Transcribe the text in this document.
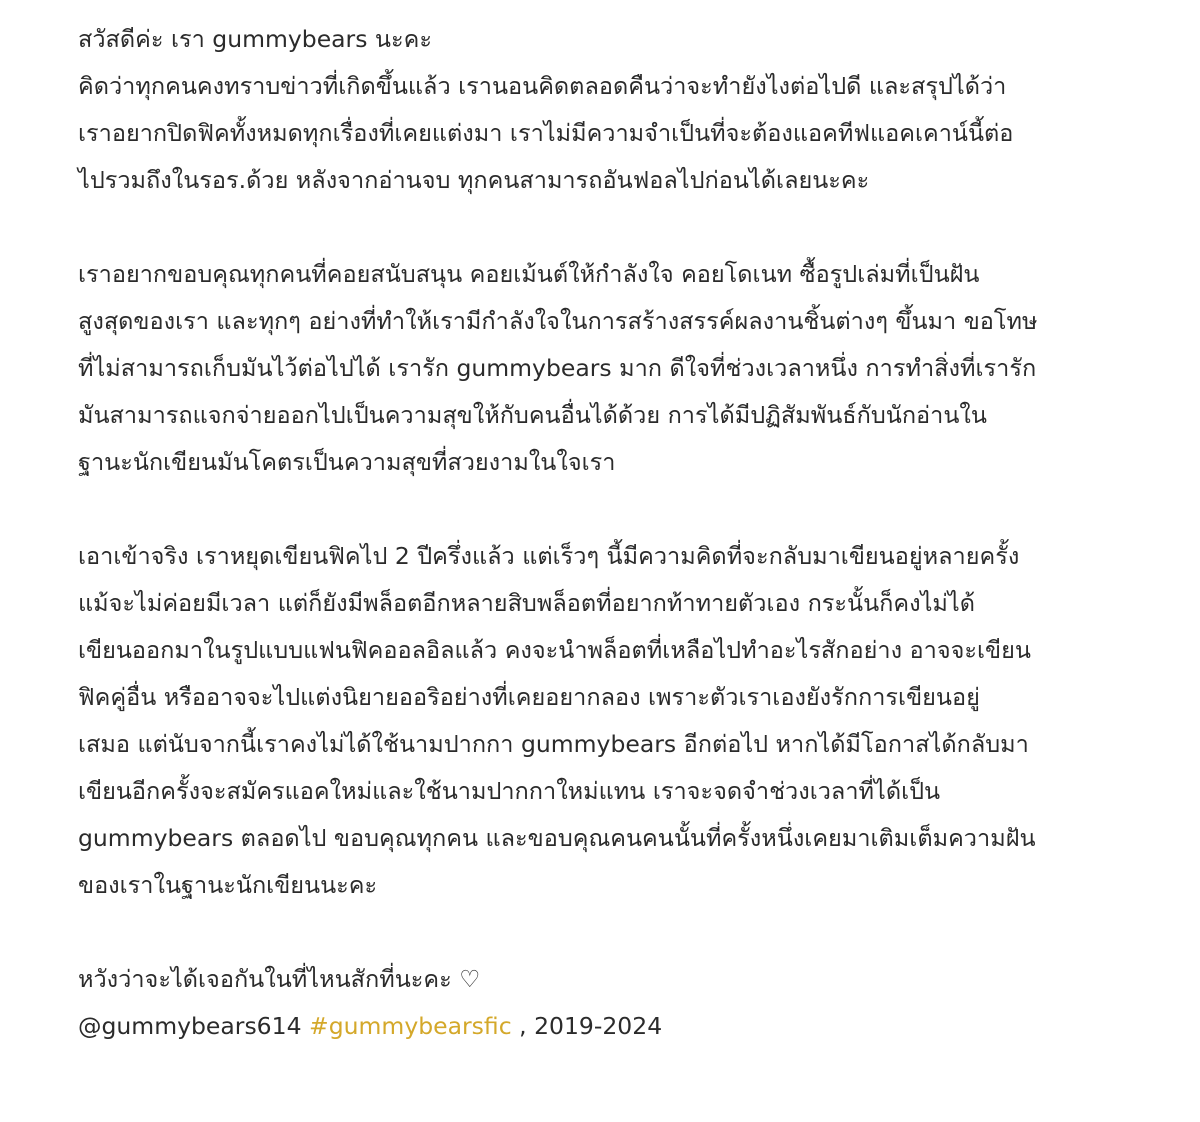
สวัสดีค่ะ เรา gummybears นะคะ
คิดว่าทุกคนคงทราบข่าวที่เกิดขึ้นแล้ว เรานอนคิดตลอดคืนว่าจะทำยังไงต่อไปดี และสรุปได้ว่า
เราอยากปิดฟิคทั้งหมดทุกเรื่องที่เคยแต่งมา เราไม่มีความจำเป็นที่จะต้องแอคทีฟแอคเคาน์นี้ต่อ
ไปรวมถึงในรอร.ด้วย หลังจากอ่านจบ ทุกคนสามารถอันฟอลไปก่อนได้เลยนะคะ
เราอยากขอบคุณทุกคนที่คอยสนับสนุน คอยเม้นต์ให้กำลังใจ คอยโดเนท ซื้อรูปเล่มที่เป็นฝัน
สูงสุดของเรา และทุกๆ อย่างที่ทำให้เรามีกำลังใจในการสร้างสรรค์ผลงานชิ้นต่างๆ ขึ้นมา ขอโทษ
ที่ไม่สามารถเก็บมันไว้ต่อไปได้ เรารัก gummybears มาก ดีใจที่ช่วงเวลาหนึ่ง การทำสิ่งที่เรารัก
มันสามารถแจกจ่ายออกไปเป็นความสุขให้กับคนอื่นได้ด้วย การได้มีปฏิสัมพันธ์กับนักอ่านใน
ฐานะนักเขียนมันโคตรเป็นความสุขที่สวยงามในใจเรา
เอาเข้าจริง เราหยุดเขียนฟิคไป 2 ปีครึ่งแล้ว แต่เร็วๆ นี้มีความคิดที่จะกลับมาเขียนอยู่หลายครั้ง
แม้จะไม่ค่อยมีเวลา แต่ก็ยังมีพล็อตอีกหลายสิบพล็อตที่อยากท้าทายตัวเอง กระนั้นก็คงไม่ได้
เขียนออกมาในรูปแบบแฟนฟิคออลอิลแล้ว คงจะนำพล็อตที่เหลือไปทำอะไรสักอย่าง อาจจะเขียน
ฟิคคู่อื่น หรืออาจจะไปแต่งนิยายออริอย่างที่เคยอยากลอง เพราะตัวเราเองยังรักการเขียนอยู่
เสมอ แต่นับจากนี้เราคงไม่ได้ใช้นามปากกา gummybears อีกต่อไป หากได้มีโอกาสได้กลับมา
เขียนอีกครั้งจะสมัครแอคใหม่และใช้นามปากกาใหม่แทน เราจะจดจำช่วงเวลาที่ได้เป็น
gummybears ตลอดไป ขอบคุณทุกคน และขอบคุณคนคนนั้นที่ครั้งหนึ่งเคยมาเติมเต็มความฝัน
ของเราในฐานะนักเขียนนะคะ
หวังว่าจะได้เจอกันในที่ไหนสักที่นะคะ ♡
@gummybears614 #gummybearsfic , 2019-2024
